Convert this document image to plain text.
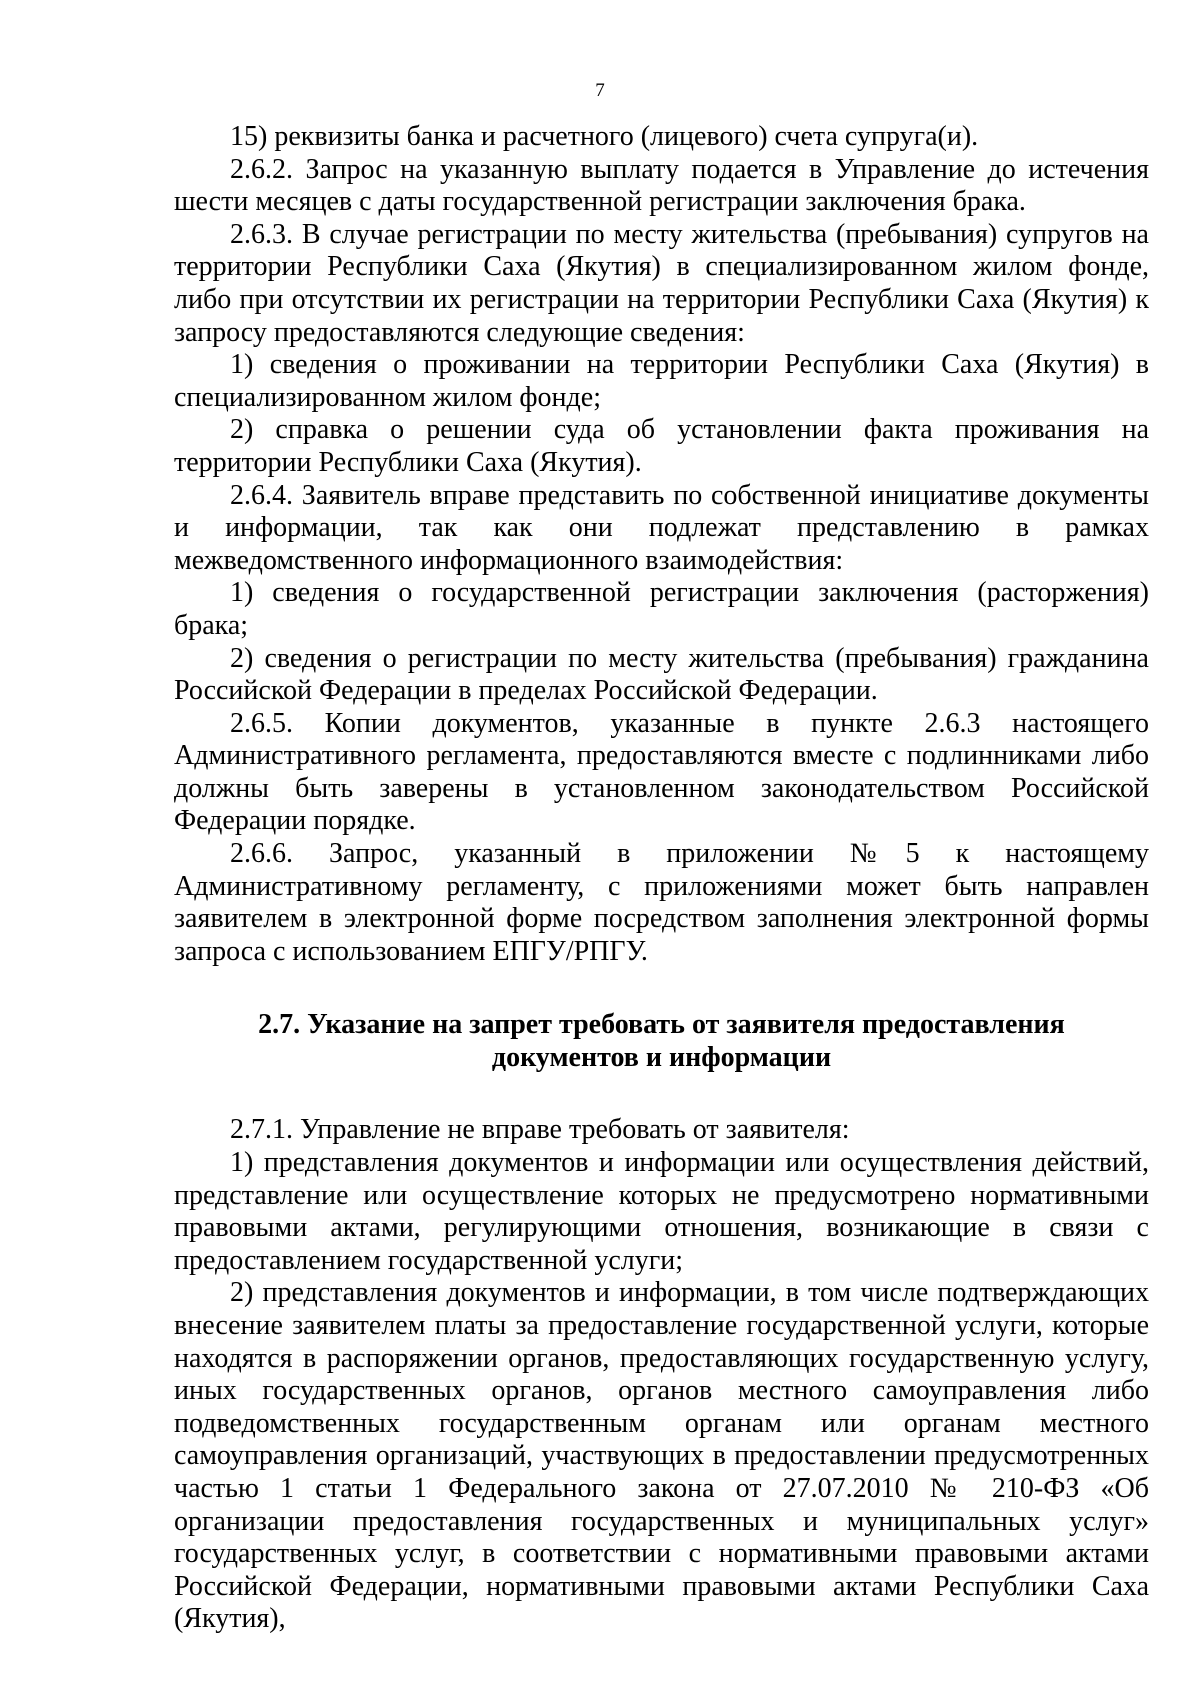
7

15) реквизиты банка и расчетного (лицевого) счета супруга(и).

2.6.2. Запрос на указанную выплату подается в Управление до истечения шести месяцев с даты государственной регистрации заключения брака.

2.6.3. В случае регистрации по месту жительства (пребывания) супругов на территории Республики Саха (Якутия) в специализированном жилом фонде, либо при отсутствии их регистрации на территории Республики Саха (Якутия) к запросу предоставляются следующие сведения:

1) сведения о проживании на территории Республики Саха (Якутия) в специализированном жилом фонде;

2) справка о решении суда об установлении факта проживания на территории Республики Саха (Якутия).

2.6.4. Заявитель вправе представить по собственной инициативе документы и информации, так как они подлежат представлению в рамках межведомственного информационного взаимодействия:

1) сведения о государственной регистрации заключения (расторжения) брака;

2) сведения о регистрации по месту жительства (пребывания) гражданина Российской Федерации в пределах Российской Федерации.

2.6.5. Копии документов, указанные в пункте 2.6.3 настоящего Административного регламента, предоставляются вместе с подлинниками либо должны быть заверены в установленном законодательством Российской Федерации порядке.

2.6.6. Запрос, указанный в приложении №5 к настоящему Административному регламенту, с приложениями может быть направлен заявителем в электронной форме посредством заполнения электронной формы запроса с использованием ЕПГУ/РПГУ.

2.7. Указание на запрет требовать от заявителя предоставления
документов и информации

2.7.1. Управление не вправе требовать от заявителя:

1) представления документов и информации или осуществления действий, представление или осуществление которых не предусмотрено нормативными правовыми актами, регулирующими отношения, возникающие в связи с предоставлением государственной услуги;

2) представления документов и информации, в том числе подтверждающих внесение заявителем платы за предоставление государственной услуги, которые находятся в распоряжении органов, предоставляющих государственную услугу, иных государственных органов, органов местного самоуправления либо подведомственных государственным органам или органам местного самоуправления организаций, участвующих в предоставлении предусмотренных частью 1 статьи 1 Федерального закона от 27.07.2010 № 210-ФЗ «Об организации предоставления государственных и муниципальных услуг» государственных услуг, в соответствии с нормативными правовыми актами Российской Федерации, нормативными правовыми актами Республики Саха (Якутия),
